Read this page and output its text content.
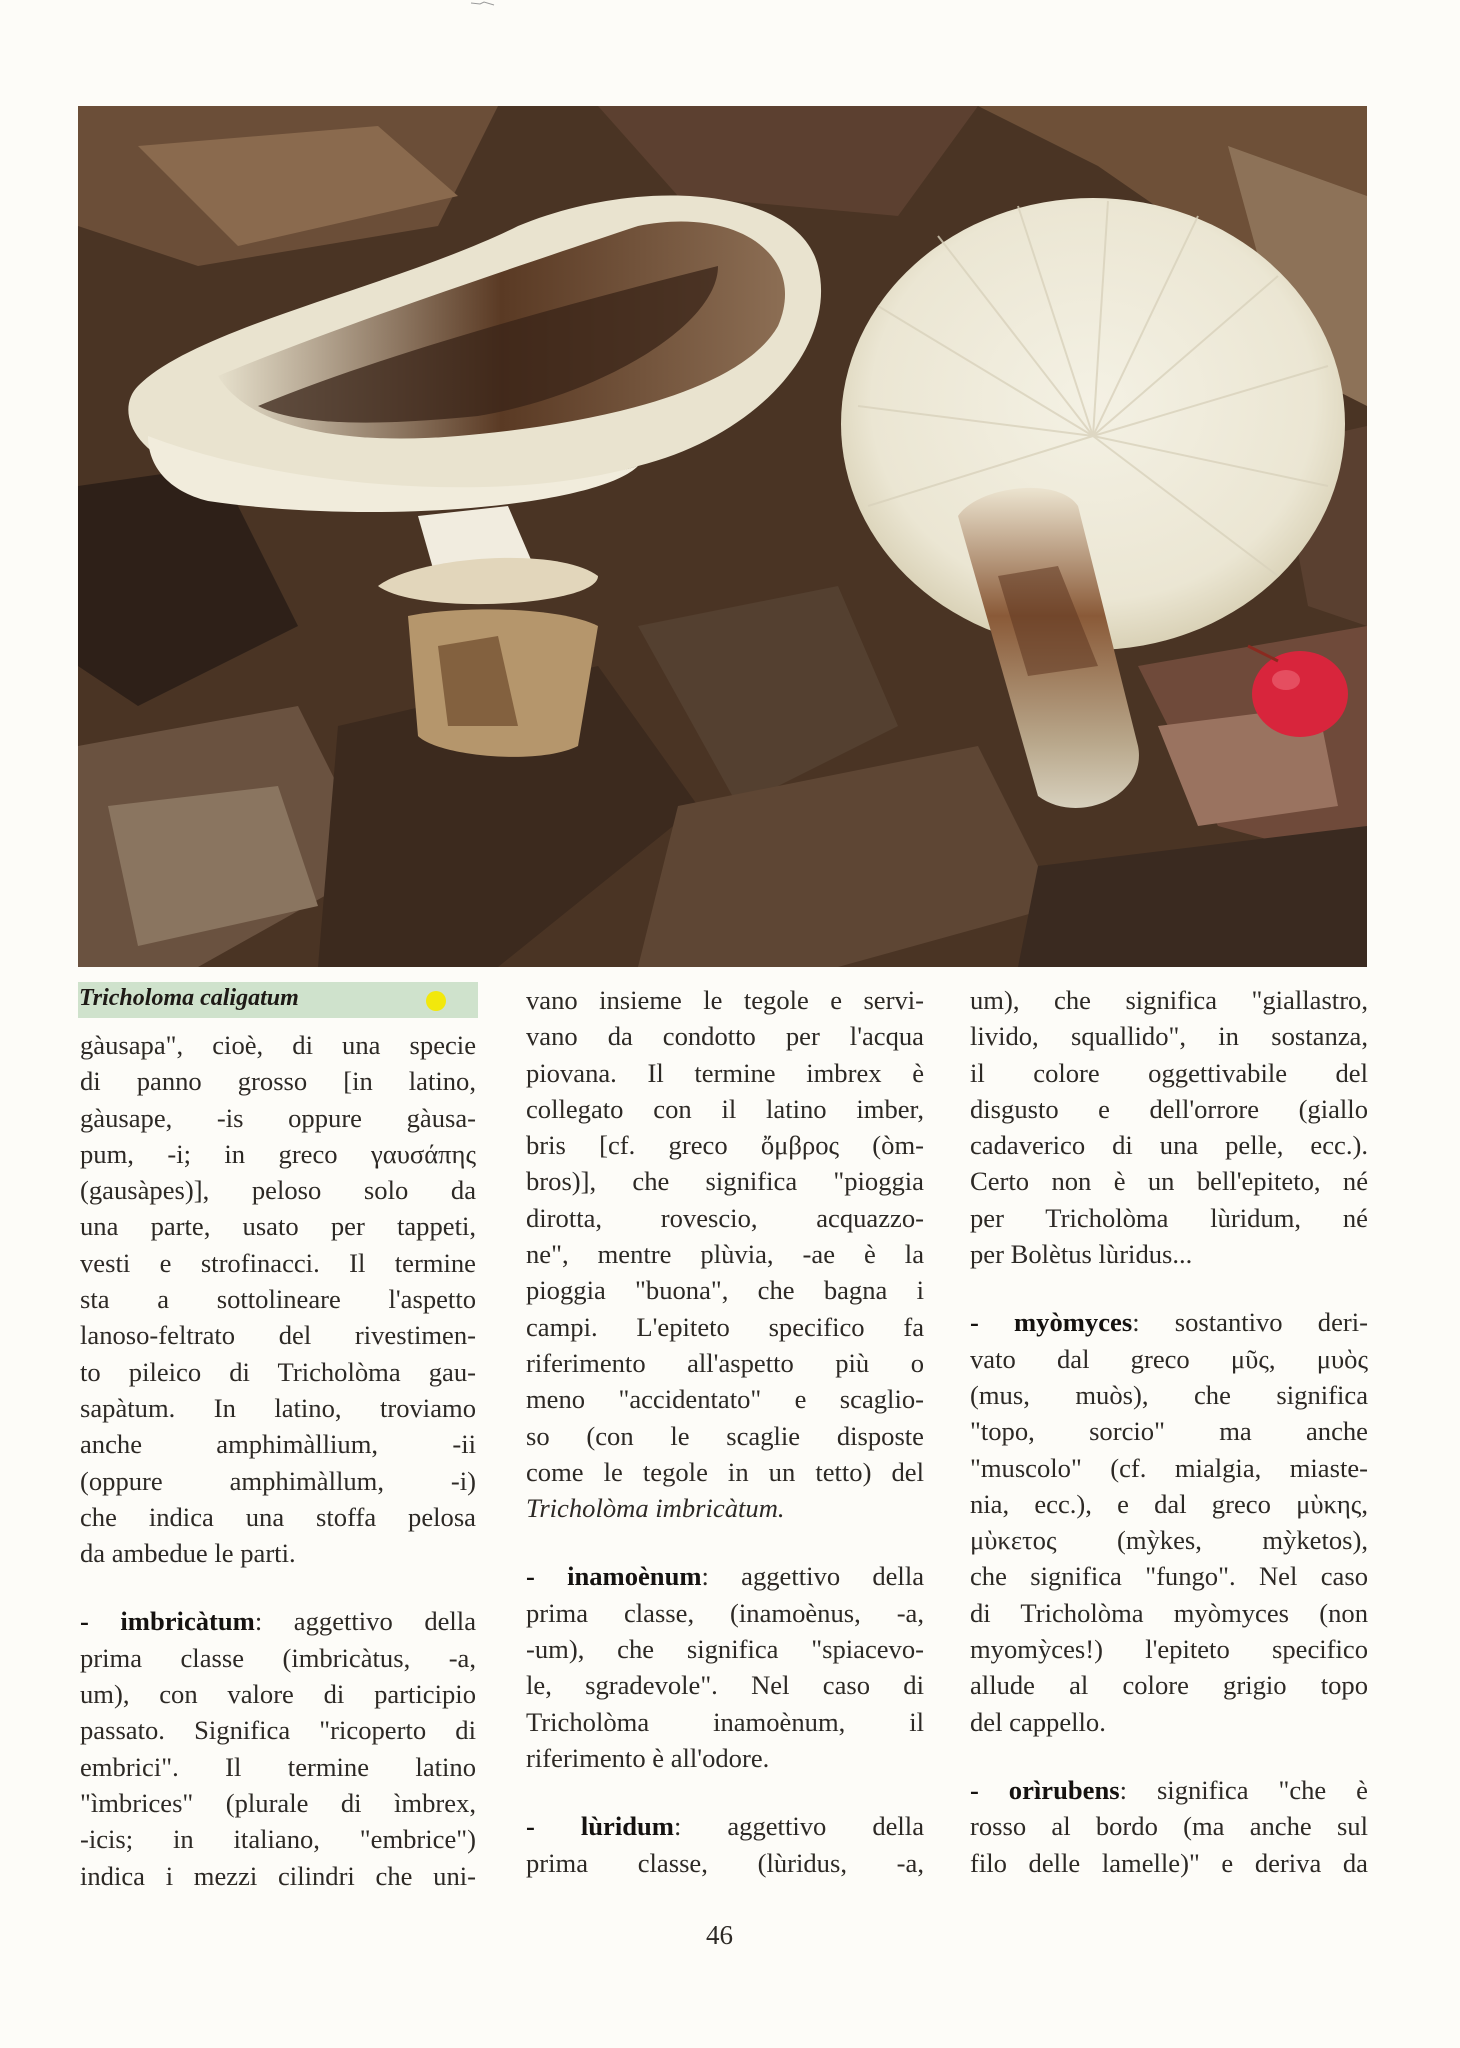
Tricholoma caligatum

gàusapa", cioè, di una specie

di panno grosso [in latino,

gàusape, -is oppure gàusa-

pum, -i; in greco γαυσάπης

(gausàpes)], peloso solo da

una parte, usato per tappeti,

vesti e strofinacci. Il termine

sta a sottolineare l'aspetto

lanoso-feltrato del rivestimen-

to pileico di Tricholòma gau-

sapàtum. In latino, troviamo

anche amphimàllium, -ii

(oppure amphimàllum, -i)

che indica una stoffa pelosa

da ambedue le parti.

- imbricàtum: aggettivo della

prima classe (imbricàtus, -a,

um), con valore di participio

passato. Significa "ricoperto di

embrici". Il termine latino

"ìmbrices" (plurale di ìmbrex,

-icis; in italiano, "embrice")

indica i mezzi cilindri che uni-

vano insieme le tegole e servi-

vano da condotto per l'acqua

piovana. Il termine imbrex è

collegato con il latino imber,

bris [cf. greco ὄμβρος (òm-

bros)], che significa "pioggia

dirotta, rovescio, acquazzo-

ne", mentre plùvia, -ae è la

pioggia "buona", che bagna i

campi. L'epiteto specifico fa

riferimento all'aspetto più o

meno "accidentato" e scaglio-

so (con le scaglie disposte

come le tegole in un tetto) del

Tricholòma imbricàtum.

- inamoènum: aggettivo della

prima classe, (inamoènus, -a,

-um), che significa "spiacevo-

le, sgradevole". Nel caso di

Tricholòma inamoènum, il

riferimento è all'odore.

- lùridum: aggettivo della

prima classe, (lùridus, -a,

um), che significa "giallastro,

livido, squallido", in sostanza,

il colore oggettivabile del

disgusto e dell'orrore (giallo

cadaverico di una pelle, ecc.).

Certo non è un bell'epiteto, né

per Tricholòma lùridum, né

per Bolètus lùridus...

- myòmyces: sostantivo deri-

vato dal greco μῦς, μυὸς

(mus, muòs), che significa

"topo, sorcio" ma anche

"muscolo" (cf. mialgia, miaste-

nia, ecc.), e dal greco μὺκης,

μὺκετος (mỳkes, mỳketos),

che significa "fungo". Nel caso

di Tricholòma myòmyces (non

myomỳces!) l'epiteto specifico

allude al colore grigio topo

del cappello.

- orìrubens: significa "che è

rosso al bordo (ma anche sul

filo delle lamelle)" e deriva da

46
